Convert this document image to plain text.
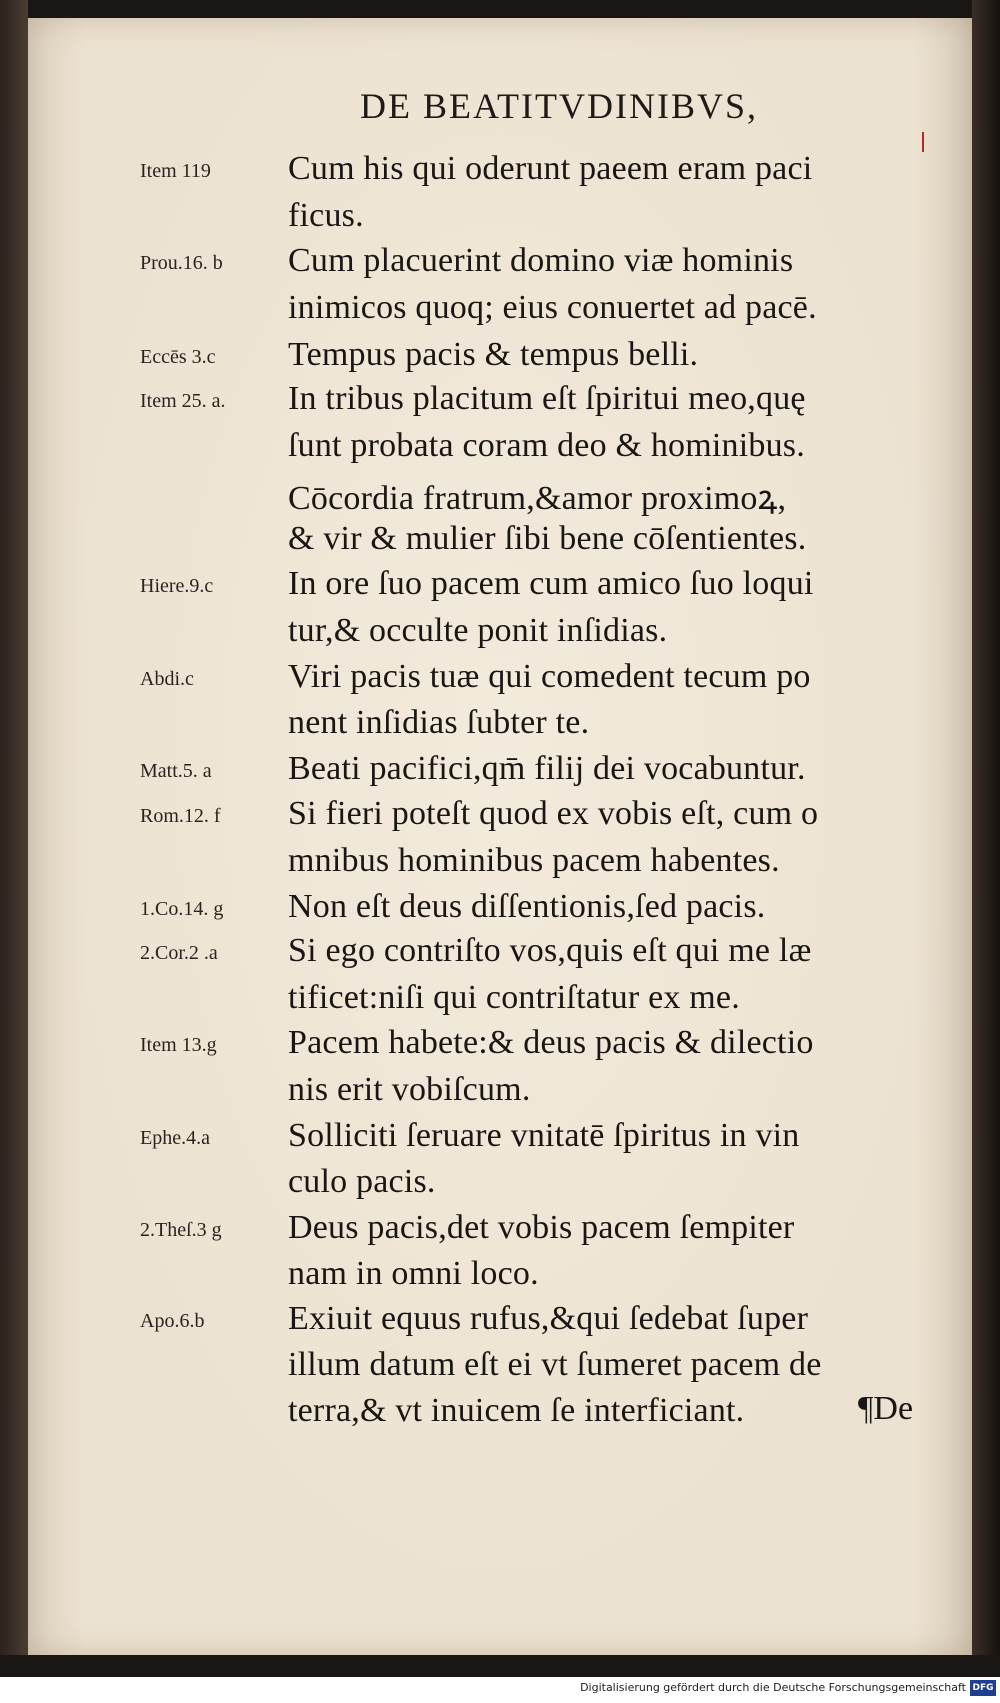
DE BEATITVDINIBVS,
Item 119	Cum his qui oderunt paeem eram paci
ficus.
Prou.16. b	Cum placuerint domino viæ hominis
inimicos quoq; eius conuertet ad pacē.
Eccēs 3.c	Tempus pacis & tempus belli.
Item 25. a.	In tribus placitum eſt ſpiritui meo,quę
ſunt probata coram deo & hominibus.
Cōcordia fratrum,&amor proximoꝝ,
& vir & mulier ſibi bene cōſentientes.
Hiere.9.c	In ore ſuo pacem cum amico ſuo loqui
tur,& occulte ponit inſidias.
Abdi.c	Viri pacis tuæ qui comedent tecum po
nent inſidias ſubter te.
Matt.5. a	Beati pacifici,qm̄ filij dei vocabuntur.
Rom.12. f	Si fieri poteſt quod ex vobis eſt, cum o
mnibus hominibus pacem habentes.
1.Co.14. g	Non eſt deus diſſentionis,ſed pacis.
2.Cor.2 .a	Si ego contriſto vos,quis eſt qui me læ
tificet:niſi qui contriſtatur ex me.
Item 13.g	Pacem habete:& deus pacis & dilectio
nis erit vobiſcum.
Ephe.4.a	Solliciti ſeruare vnitatē ſpiritus in vin
culo pacis.
2.Theſ.3 g	Deus pacis,det vobis pacem ſempiter
nam in omni loco.
Apo.6.b	Exiuit equus rufus,&qui ſedebat ſuper
illum datum eſt ei vt ſumeret pacem de
terra,& vt inuicem ſe interficiant.	¶De
Digitalisierung gefördert durch die Deutsche Forschungsgemeinschaft DFG
